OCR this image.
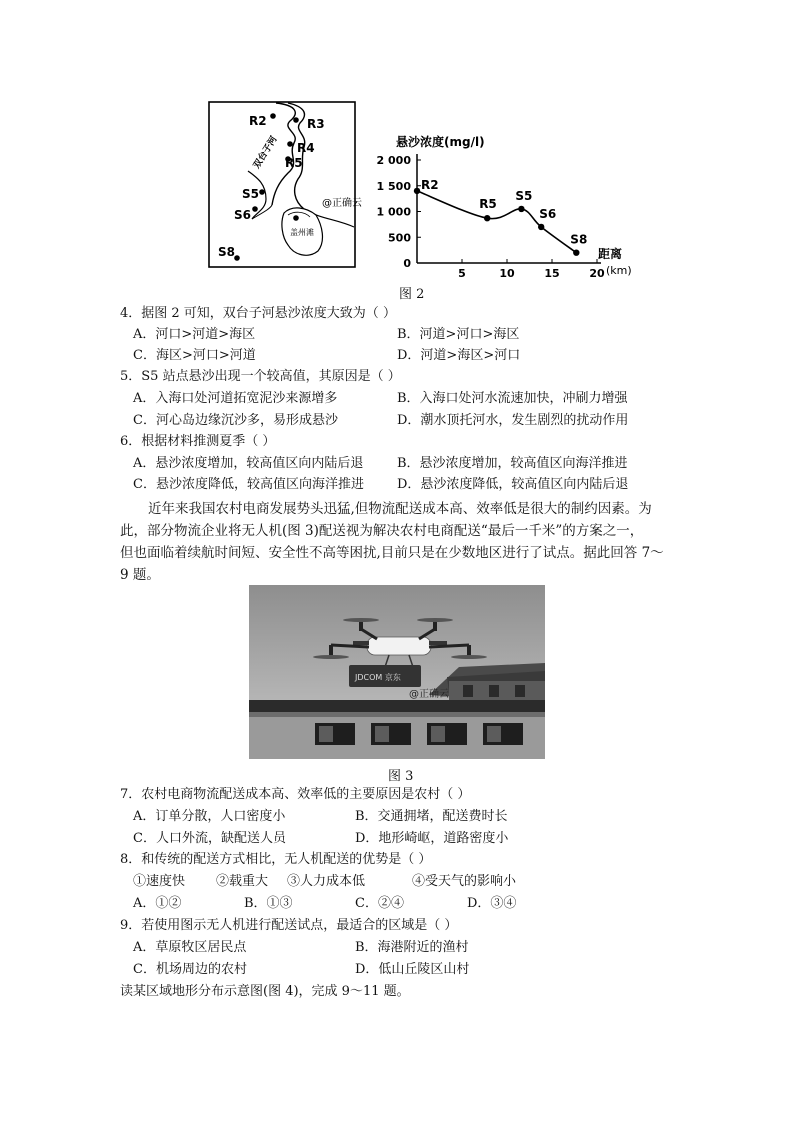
R2	R3
R4
R5
S5
S6
S8
双台子河
盖州滩
@正确云
悬沙浓度(mg/l)
距离
(km)
2 000
1 500
1 000
500
0
5	10	15	20
R2
R5
S5
S6
S8
图 2
4．据图 2 可知，双台子河悬沙浓度大致为（ ）
A．河口>河道>海区	B．河道>河口>海区
C．海区>河口>河道	D．河道>海区>河口
5．S5 站点悬沙出现一个较高值，其原因是（ ）
A．入海口处河道拓宽泥沙来源增多	B．入海口处河水流速加快，冲刷力增强
C．河心岛边缘沉沙多，易形成悬沙	D．潮水顶托河水，发生剧烈的扰动作用
6．根据材料推测夏季（ ）
A．悬沙浓度增加，较高值区向内陆后退	B．悬沙浓度增加，较高值区向海洋推进
C．悬沙浓度降低，较高值区向海洋推进	D．悬沙浓度降低，较高值区向内陆后退
近年来我国农村电商发展势头迅猛,但物流配送成本高、效率低是很大的制约因素。为
此，部分物流企业将无人机(图 3)配送视为解决农村电商配送“最后一千米”的方案之一，
但也面临着续航时间短、安全性不高等困扰,目前只是在少数地区进行了试点。据此回答 7～
9 题。
JDCOM 京东
@正确云
图 3
7．农村电商物流配送成本高、效率低的主要原因是农村（ ）
A．订单分散，人口密度小	B．交通拥堵，配送费时长
C．人口外流，缺配送人员	D．地形崎岖，道路密度小
8．和传统的配送方式相比，无人机配送的优势是（ ）
①速度快 ②载重大 ③人力成本低	④受天气的影响小
A．①②	B．①③	C．②④	D．③④
9．若使用图示无人机进行配送试点，最适合的区域是（ ）
A．草原牧区居民点	B．海港附近的渔村
C．机场周边的农村	D．低山丘陵区山村
读某区域地形分布示意图(图 4)，完成 9～11 题。
